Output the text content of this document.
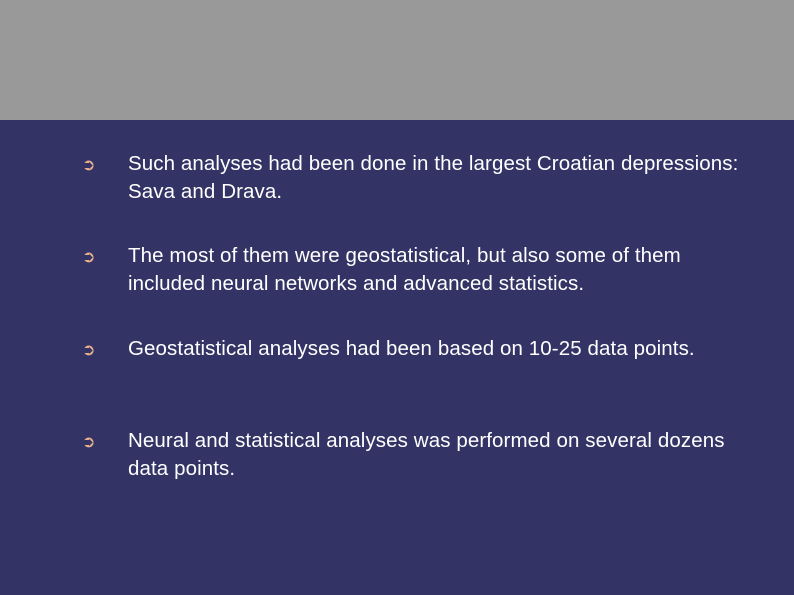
➲ Such analyses had been done in the largest Croatian depressions: Sava and Drava.
➲ The most of them were geostatistical, but also some of them included neural networks and advanced statistics.
➲ Geostatistical analyses had been based on 10-25 data points.
➲ Neural and statistical analyses was performed on several dozens data points.
